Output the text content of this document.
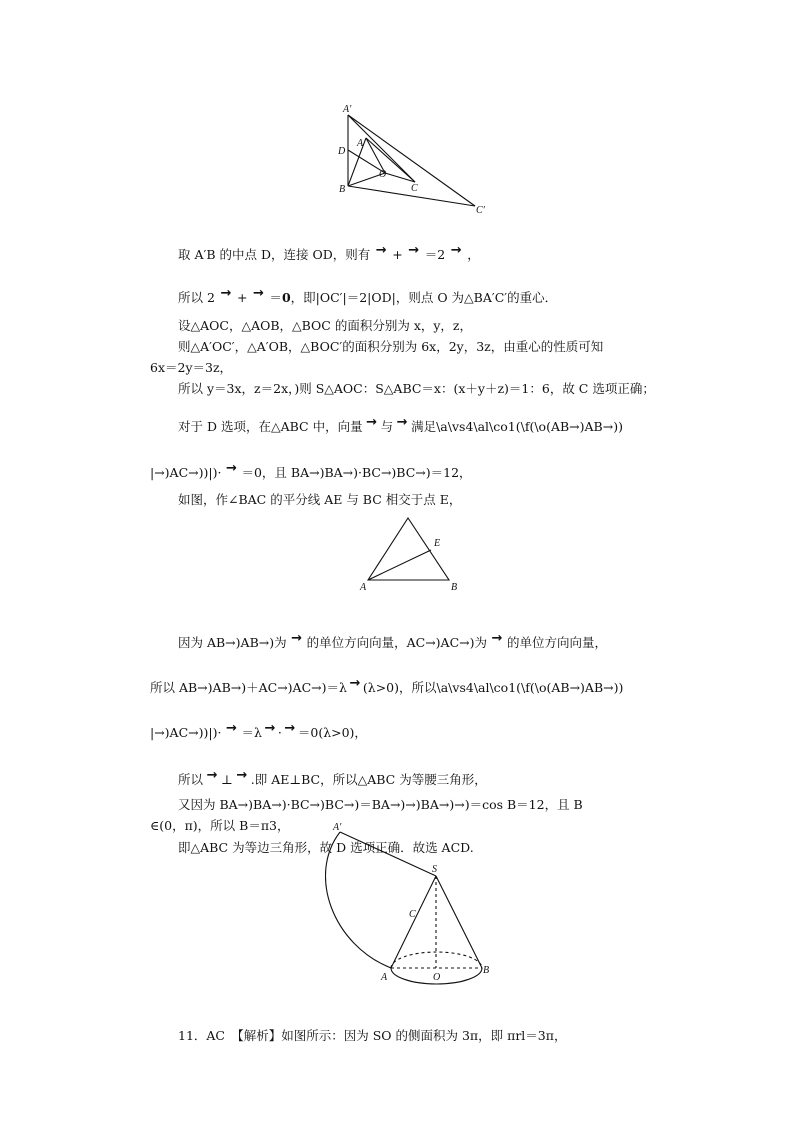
A′
D
A
O
B	C
C′
取 A′B 的中点 D，连接 OD，则有 → + → ＝2 → ，
所以 2 → + → ＝0，即|OC′|＝2|OD|，则点 O 为△BA′C′的重心．
设△AOC，△AOB，△BOC 的面积分别为 x，y，z，
则△A′OC′，△A′OB，△BOC′的面积分别为 6x，2y，3z，由重心的性质可知
6x＝2y＝3z，
所以 y＝3x，z＝2x，)则 S△AOC：S△ABC＝x：(x＋y＋z)＝1：6，故 C 选项正确；
对于 D 选项，在△ABC 中，向量 → 与 → 满足\a\vs4\al\co1(\f(\o(AB→)AB→))
|→)AC→))|)· → ＝0，且 BA→)BA→)·BC→)BC→)＝12，
如图，作∠BAC 的平分线 AE 与 BC 相交于点 E，
E
A	B
因为 AB→)AB→)为 → 的单位方向向量，AC→)AC→)为 → 的单位方向向量，
所以 AB→)AB→)＋AC→)AC→)＝λ → (λ>0)，所以\a\vs4\al\co1(\f(\o(AB→)AB→))
|→)AC→))|)· → ＝λ → · → ＝0(λ>0)，
所以 → ⊥ → .即 AE⊥BC，所以△ABC 为等腰三角形，
又因为 BA→)BA→)·BC→)BC→)＝BA→)→)BA→)→)＝cos B＝12，且 B
∈(0，π)，所以 B＝π3，
即△ABC 为等边三角形，故 D 选项正确．故选 ACD.
A′
S
C
A	O
B
11．AC　【解析】如图所示：因为 SO 的侧面积为 3π，即 πrl＝3π，
